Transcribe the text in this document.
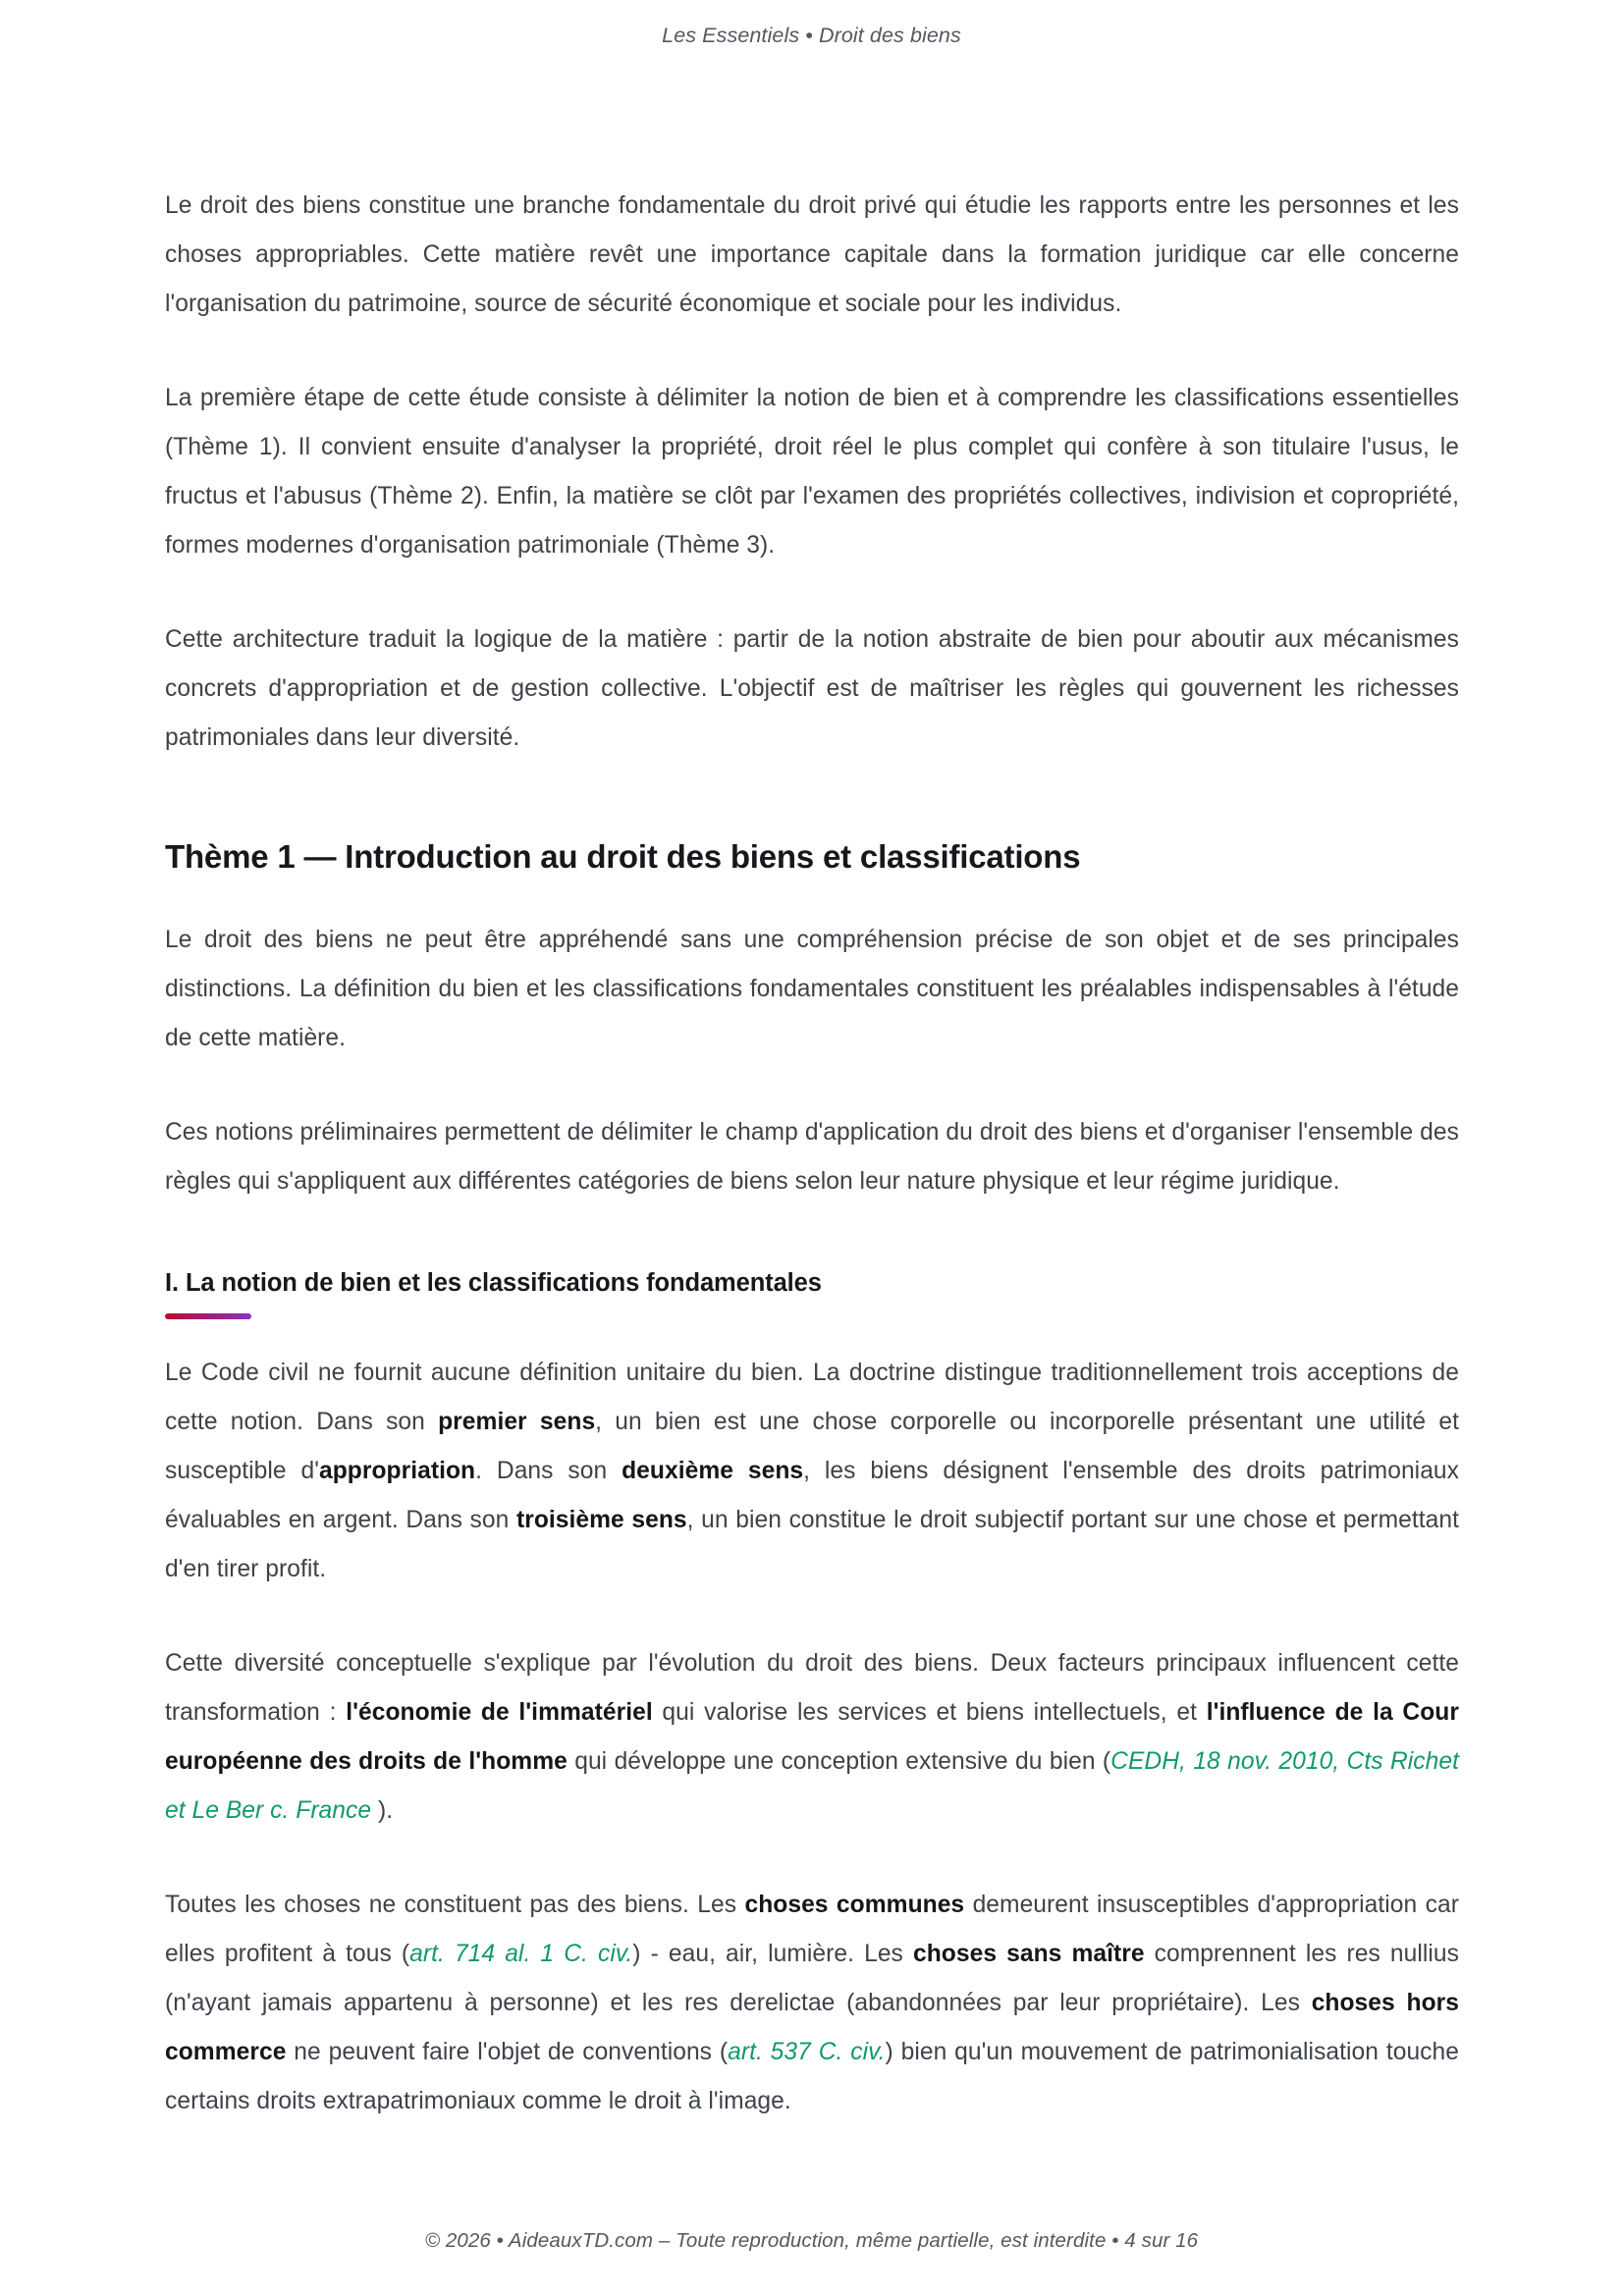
Les Essentiels • Droit des biens

Le droit des biens constitue une branche fondamentale du droit privé qui étudie les rapports entre les personnes et les choses appropriables. Cette matière revêt une importance capitale dans la formation juridique car elle concerne l'organisation du patrimoine, source de sécurité économique et sociale pour les individus.

La première étape de cette étude consiste à délimiter la notion de bien et à comprendre les classifications essentielles (Thème 1). Il convient ensuite d'analyser la propriété, droit réel le plus complet qui confère à son titulaire l'usus, le fructus et l'abusus (Thème 2). Enfin, la matière se clôt par l'examen des propriétés collectives, indivision et copropriété, formes modernes d'organisation patrimoniale (Thème 3).

Cette architecture traduit la logique de la matière : partir de la notion abstraite de bien pour aboutir aux mécanismes concrets d'appropriation et de gestion collective. L'objectif est de maîtriser les règles qui gouvernent les richesses patrimoniales dans leur diversité.

Thème 1 — Introduction au droit des biens et classifications

Le droit des biens ne peut être appréhendé sans une compréhension précise de son objet et de ses principales distinctions. La définition du bien et les classifications fondamentales constituent les préalables indispensables à l'étude de cette matière.

Ces notions préliminaires permettent de délimiter le champ d'application du droit des biens et d'organiser l'ensemble des règles qui s'appliquent aux différentes catégories de biens selon leur nature physique et leur régime juridique.

I. La notion de bien et les classifications fondamentales

Le Code civil ne fournit aucune définition unitaire du bien. La doctrine distingue traditionnellement trois acceptions de cette notion. Dans son premier sens, un bien est une chose corporelle ou incorporelle présentant une utilité et susceptible d'appropriation. Dans son deuxième sens, les biens désignent l'ensemble des droits patrimoniaux évaluables en argent. Dans son troisième sens, un bien constitue le droit subjectif portant sur une chose et permettant d'en tirer profit.

Cette diversité conceptuelle s'explique par l'évolution du droit des biens. Deux facteurs principaux influencent cette transformation : l'économie de l'immatériel qui valorise les services et biens intellectuels, et l'influence de la Cour européenne des droits de l'homme qui développe une conception extensive du bien (CEDH, 18 nov. 2010, Cts Richet et Le Ber c. France ).

Toutes les choses ne constituent pas des biens. Les choses communes demeurent insusceptibles d'appropriation car elles profitent à tous (art. 714 al. 1 C. civ.) - eau, air, lumière. Les choses sans maître comprennent les res nullius (n'ayant jamais appartenu à personne) et les res derelictae (abandonnées par leur propriétaire). Les choses hors commerce ne peuvent faire l'objet de conventions (art. 537 C. civ.) bien qu'un mouvement de patrimonialisation touche certains droits extrapatrimoniaux comme le droit à l'image.

© 2026 • AideauxTD.com – Toute reproduction, même partielle, est interdite • 4 sur 16
